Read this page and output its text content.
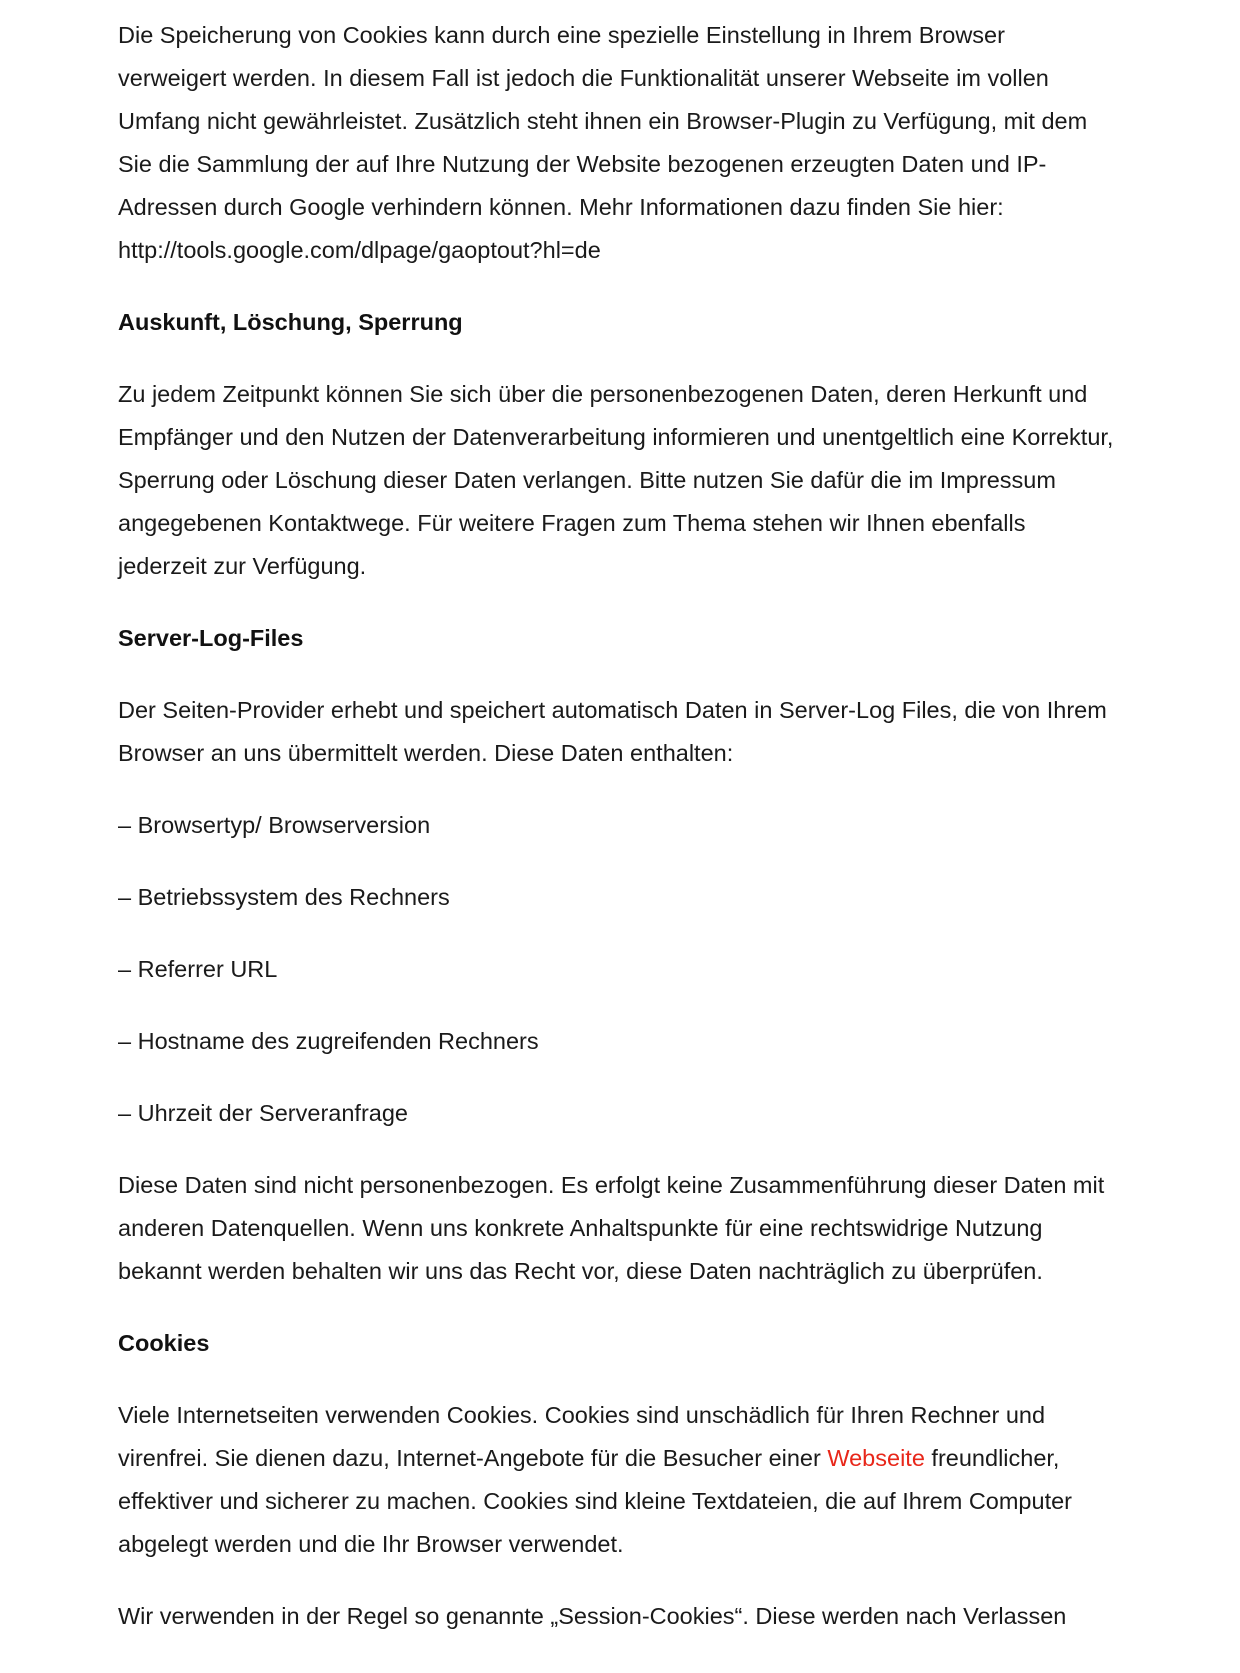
Die Speicherung von Cookies kann durch eine spezielle Einstellung in Ihrem Browser
verweigert werden. In diesem Fall ist jedoch die Funktionalität unserer Webseite im vollen
Umfang nicht gewährleistet. Zusätzlich steht ihnen ein Browser-Plugin zu Verfügung, mit dem
Sie die Sammlung der auf Ihre Nutzung der Website bezogenen erzeugten Daten und IP-
Adressen durch Google verhindern können. Mehr Informationen dazu finden Sie hier:
http://tools.google.com/dlpage/gaoptout?hl=de

Auskunft, Löschung, Sperrung

Zu jedem Zeitpunkt können Sie sich über die personenbezogenen Daten, deren Herkunft und
Empfänger und den Nutzen der Datenverarbeitung informieren und unentgeltlich eine Korrektur,
Sperrung oder Löschung dieser Daten verlangen. Bitte nutzen Sie dafür die im Impressum
angegebenen Kontaktwege. Für weitere Fragen zum Thema stehen wir Ihnen ebenfalls
jederzeit zur Verfügung.

Server-Log-Files

Der Seiten-Provider erhebt und speichert automatisch Daten in Server-Log Files, die von Ihrem
Browser an uns übermittelt werden. Diese Daten enthalten:

– Browsertyp/ Browserversion

– Betriebssystem des Rechners

– Referrer URL

– Hostname des zugreifenden Rechners

– Uhrzeit der Serveranfrage

Diese Daten sind nicht personenbezogen. Es erfolgt keine Zusammenführung dieser Daten mit
anderen Datenquellen. Wenn uns konkrete Anhaltspunkte für eine rechtswidrige Nutzung
bekannt werden behalten wir uns das Recht vor, diese Daten nachträglich zu überprüfen.

Cookies

Viele Internetseiten verwenden Cookies. Cookies sind unschädlich für Ihren Rechner und
virenfrei. Sie dienen dazu, Internet-Angebote für die Besucher einer Webseite freundlicher,
effektiver und sicherer zu machen. Cookies sind kleine Textdateien, die auf Ihrem Computer
abgelegt werden und die Ihr Browser verwendet.

Wir verwenden in der Regel so genannte „Session-Cookies“. Diese werden nach Verlassen
